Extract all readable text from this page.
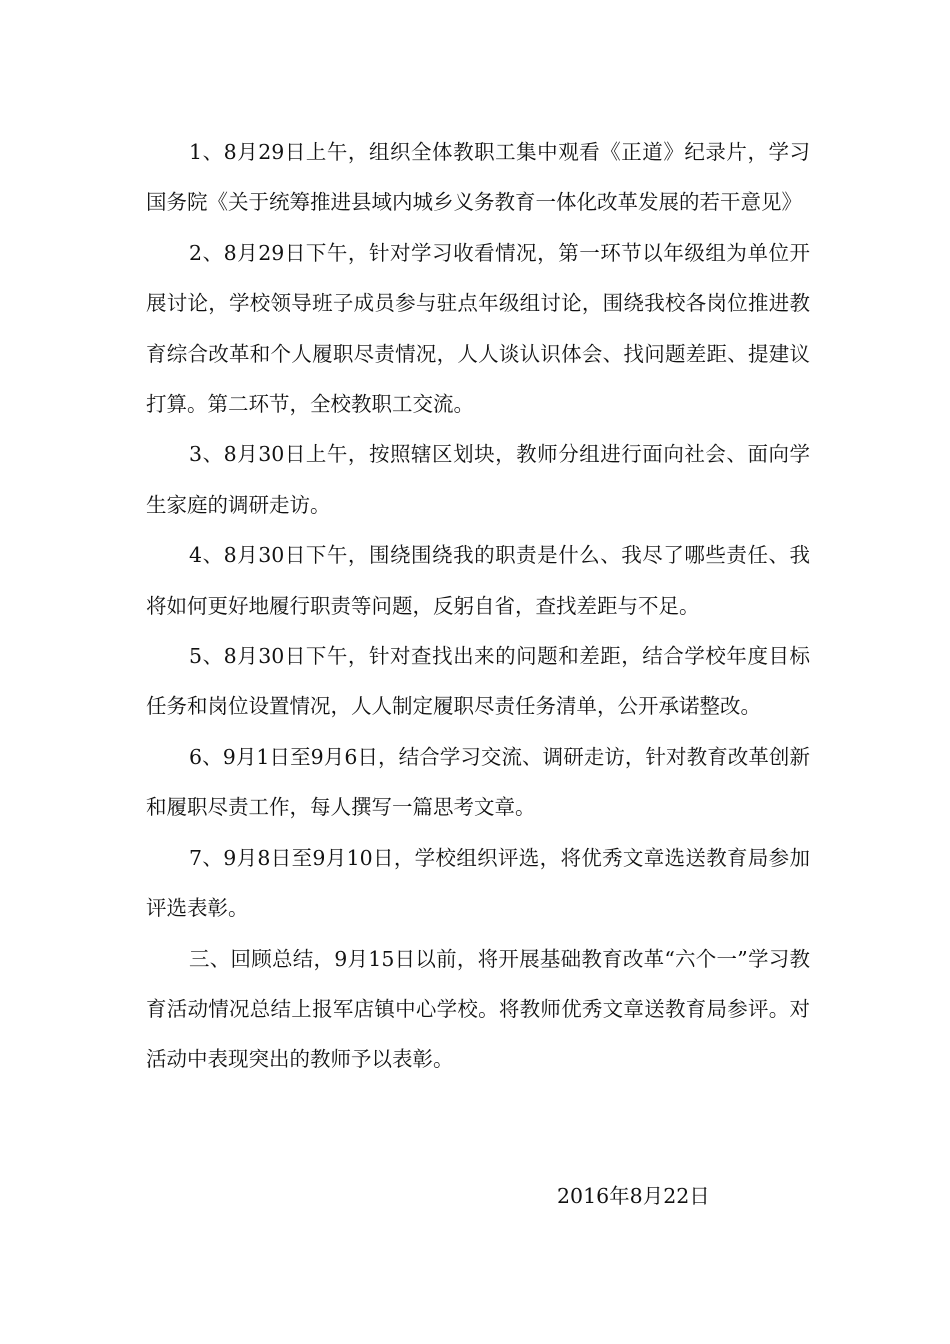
1、8月29日上午，组织全体教职工集中观看《正道》纪录片，学习国务院《关于统筹推进县域内城乡义务教育一体化改革发展的若干意见》

2、8月29日下午，针对学习收看情况，第一环节以年级组为单位开展讨论，学校领导班子成员参与驻点年级组讨论，围绕我校各岗位推进教育综合改革和个人履职尽责情况，人人谈认识体会、找问题差距、提建议打算。第二环节，全校教职工交流。

3、8月30日上午，按照辖区划块，教师分组进行面向社会、面向学生家庭的调研走访。

4、8月30日下午，围绕围绕我的职责是什么、我尽了哪些责任、我将如何更好地履行职责等问题，反躬自省，查找差距与不足。

5、8月30日下午，针对查找出来的问题和差距，结合学校年度目标任务和岗位设置情况，人人制定履职尽责任务清单，公开承诺整改。

6、9月1日至9月6日，结合学习交流、调研走访，针对教育改革创新和履职尽责工作，每人撰写一篇思考文章。

7、9月8日至9月10日，学校组织评选，将优秀文章选送教育局参加评选表彰。

三、回顾总结，9月15日以前，将开展基础教育改革“六个一”学习教育活动情况总结上报军店镇中心学校。将教师优秀文章送教育局参评。对活动中表现突出的教师予以表彰。

2016年8月22日
